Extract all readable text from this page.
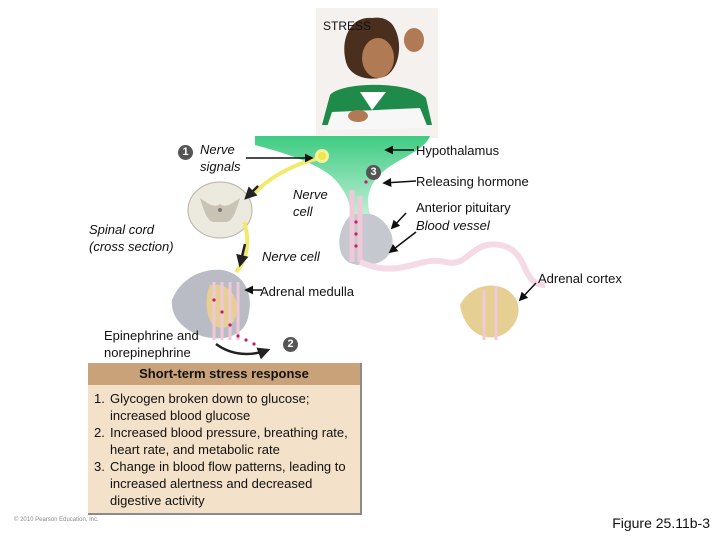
1
2
3
STRESS
Nerve
signals
Hypothalamus
Releasing hormone
Nerve
cell	Anterior pituitary
Blood vessel
Spinal cord
(cross section)
Nerve cell
Adrenal cortex
Adrenal medulla
Epinephrine and
norepinephrine
Short-term stress response
1. Glycogen broken down to glucose; increased blood glucose
2. Increased blood pressure, breathing rate, heart rate, and metabolic rate
3. Change in blood flow patterns, leading to increased alertness and decreased digestive activity
© 2010 Pearson Education, Inc.	Figure 25.11b-3
